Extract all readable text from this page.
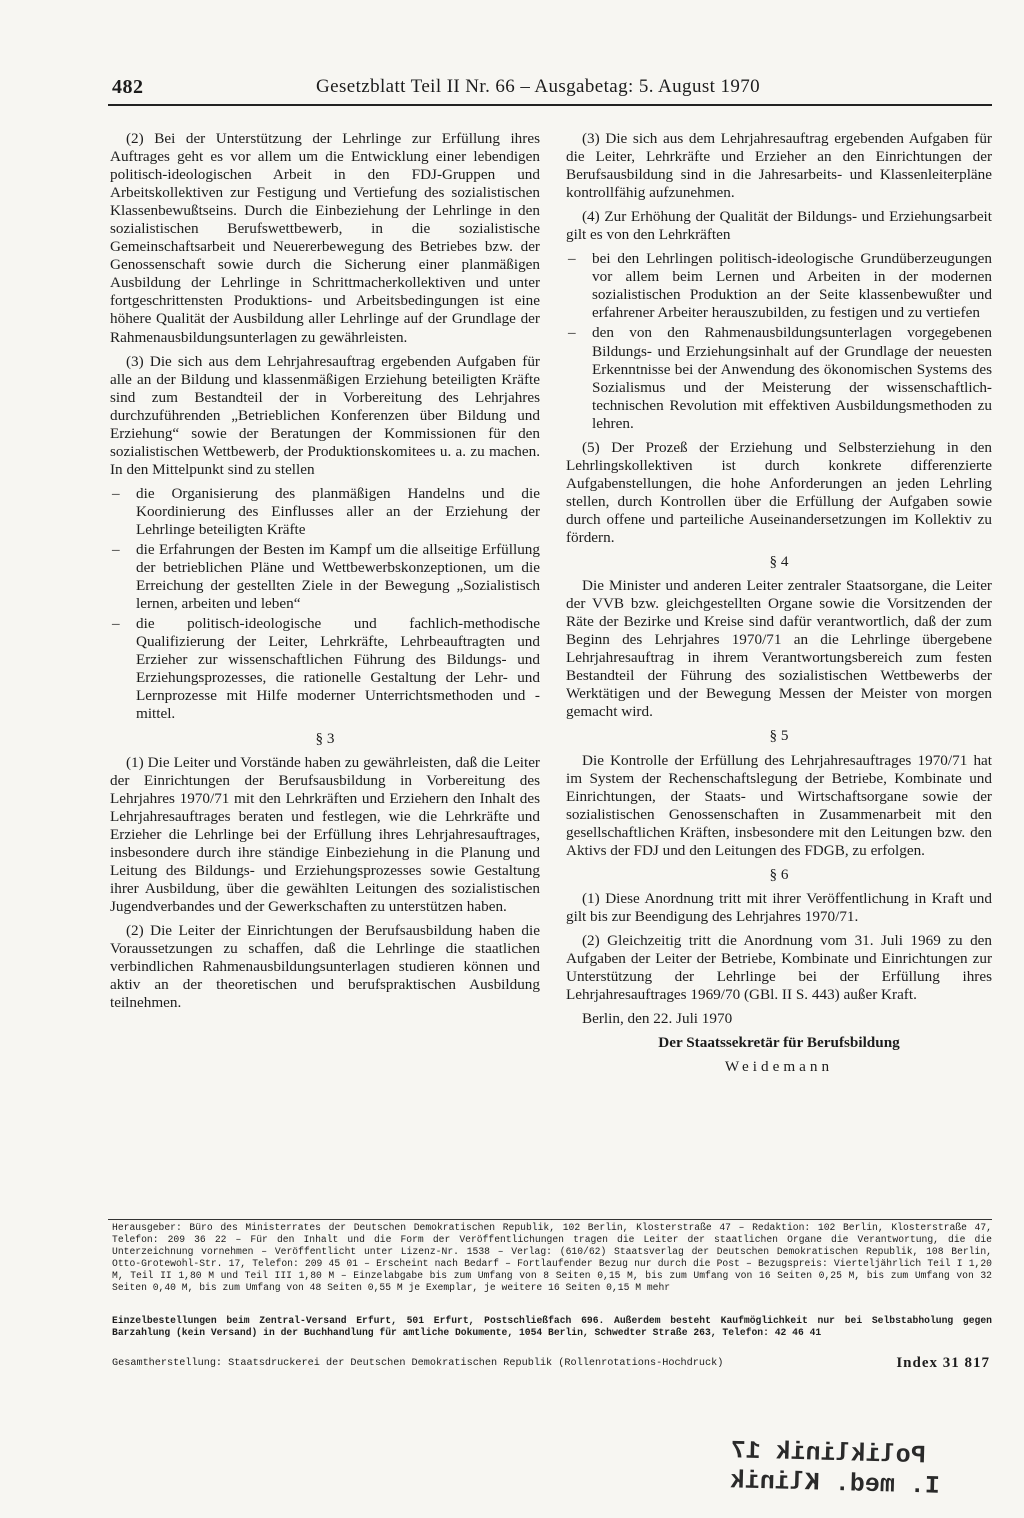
482	Gesetzblatt Teil II Nr. 66 – Ausgabetag: 5. August 1970

(2) Bei der Unterstützung der Lehrlinge zur Erfüllung ihres Auftrages geht es vor allem um die Entwicklung einer lebendigen politisch-ideologischen Arbeit in den FDJ-Gruppen und Arbeitskollektiven zur Festigung und Vertiefung des sozialistischen Klassenbewußtseins. Durch die Einbeziehung der Lehrlinge in den sozialistischen Berufswettbewerb, in die sozialistische Gemeinschaftsarbeit und Neuererbewegung des Betriebes bzw. der Genossenschaft sowie durch die Sicherung einer planmäßigen Ausbildung der Lehrlinge in Schrittmacherkollektiven und unter fortgeschrittensten Produktions- und Arbeitsbedingungen ist eine höhere Qualität der Ausbildung aller Lehrlinge auf der Grundlage der Rahmenausbildungsunterlagen zu gewährleisten.

(3) Die sich aus dem Lehrjahresauftrag ergebenden Aufgaben für alle an der Bildung und klassenmäßigen Erziehung beteiligten Kräfte sind zum Bestandteil der in Vorbereitung des Lehrjahres durchzuführenden „Betrieblichen Konferenzen über Bildung und Erziehung“ sowie der Beratungen der Kommissionen für den sozialistischen Wettbewerb, der Produktionskomitees u. a. zu machen. In den Mittelpunkt sind zu stellen

– die Organisierung des planmäßigen Handelns und die Koordinierung des Einflusses aller an der Erziehung der Lehrlinge beteiligten Kräfte
– die Erfahrungen der Besten im Kampf um die allseitige Erfüllung der betrieblichen Pläne und Wettbewerbskonzeptionen, um die Erreichung der gestellten Ziele in der Bewegung „Sozialistisch lernen, arbeiten und leben“
– die politisch-ideologische und fachlich-methodische Qualifizierung der Leiter, Lehrkräfte, Lehrbeauftragten und Erzieher zur wissenschaftlichen Führung des Bildungs- und Erziehungsprozesses, die rationelle Gestaltung der Lehr- und Lernprozesse mit Hilfe moderner Unterrichtsmethoden und -mittel.

§ 3

(1) Die Leiter und Vorstände haben zu gewährleisten, daß die Leiter der Einrichtungen der Berufsausbildung in Vorbereitung des Lehrjahres 1970/71 mit den Lehrkräften und Erziehern den Inhalt des Lehrjahresauftrages beraten und festlegen, wie die Lehrkräfte und Erzieher die Lehrlinge bei der Erfüllung ihres Lehrjahresauftrages, insbesondere durch ihre ständige Einbeziehung in die Planung und Leitung des Bildungs- und Erziehungsprozesses sowie Gestaltung ihrer Ausbildung, über die gewählten Leitungen des sozialistischen Jugendverbandes und der Gewerkschaften zu unterstützen haben.

(2) Die Leiter der Einrichtungen der Berufsausbildung haben die Voraussetzungen zu schaffen, daß die Lehrlinge die staatlichen verbindlichen Rahmenausbildungsunterlagen studieren können und aktiv an der theoretischen und berufspraktischen Ausbildung teilnehmen.

(3) Die sich aus dem Lehrjahresauftrag ergebenden Aufgaben für die Leiter, Lehrkräfte und Erzieher an den Einrichtungen der Berufsausbildung sind in die Jahresarbeits- und Klassenleiterpläne kontrollfähig aufzunehmen.

(4) Zur Erhöhung der Qualität der Bildungs- und Erziehungsarbeit gilt es von den Lehrkräften

– bei den Lehrlingen politisch-ideologische Grundüberzeugungen vor allem beim Lernen und Arbeiten in der modernen sozialistischen Produktion an der Seite klassenbewußter und erfahrener Arbeiter herauszubilden, zu festigen und zu vertiefen
– den von den Rahmenausbildungsunterlagen vorgegebenen Bildungs- und Erziehungsinhalt auf der Grundlage der neuesten Erkenntnisse bei der Anwendung des ökonomischen Systems des Sozialismus und der Meisterung der wissenschaftlich-technischen Revolution mit effektiven Ausbildungsmethoden zu lehren.

(5) Der Prozeß der Erziehung und Selbsterziehung in den Lehrlingskollektiven ist durch konkrete differenzierte Aufgabenstellungen, die hohe Anforderungen an jeden Lehrling stellen, durch Kontrollen über die Erfüllung der Aufgaben sowie durch offene und parteiliche Auseinandersetzungen im Kollektiv zu fördern.

§ 4

Die Minister und anderen Leiter zentraler Staatsorgane, die Leiter der VVB bzw. gleichgestellten Organe sowie die Vorsitzenden der Räte der Bezirke und Kreise sind dafür verantwortlich, daß der zum Beginn des Lehrjahres 1970/71 an die Lehrlinge übergebene Lehrjahresauftrag in ihrem Verantwortungsbereich zum festen Bestandteil der Führung des sozialistischen Wettbewerbs der Werktätigen und der Bewegung Messen der Meister von morgen gemacht wird.

§ 5

Die Kontrolle der Erfüllung des Lehrjahresauftrages 1970/71 hat im System der Rechenschaftslegung der Betriebe, Kombinate und Einrichtungen, der Staats- und Wirtschaftsorgane sowie der sozialistischen Genossenschaften in Zusammenarbeit mit den gesellschaftlichen Kräften, insbesondere mit den Leitungen bzw. den Aktivs der FDJ und den Leitungen des FDGB, zu erfolgen.

§ 6

(1) Diese Anordnung tritt mit ihrer Veröffentlichung in Kraft und gilt bis zur Beendigung des Lehrjahres 1970/71.

(2) Gleichzeitig tritt die Anordnung vom 31. Juli 1969 zu den Aufgaben der Leiter der Betriebe, Kombinate und Einrichtungen zur Unterstützung der Lehrlinge bei der Erfüllung ihres Lehrjahresauftrages 1969/70 (GBl. II S. 443) außer Kraft.

Berlin, den 22. Juli 1970

Der Staatssekretär für Berufsbildung

Weidemann

Herausgeber: Büro des Ministerrates der Deutschen Demokratischen Republik, 102 Berlin, Klosterstraße 47 – Redaktion: 102 Berlin, Klosterstraße 47, Telefon: 209 36 22 – Für den Inhalt und die Form der Veröffentlichungen tragen die Leiter der staatlichen Organe die Verantwortung, die die Unterzeichnung vornehmen – Veröffentlicht unter Lizenz-Nr. 1538 – Verlag: (610/62) Staatsverlag der Deutschen Demokratischen Republik, 108 Berlin, Otto-Grotewohl-Str. 17, Telefon: 209 45 01 – Erscheint nach Bedarf – Fortlaufender Bezug nur durch die Post – Bezugspreis: Vierteljährlich Teil I 1,20 M, Teil II 1,80 M und Teil III 1,80 M – Einzelabgabe bis zum Umfang von 8 Seiten 0,15 M, bis zum Umfang von 16 Seiten 0,25 M, bis zum Umfang von 32 Seiten 0,40 M, bis zum Umfang von 48 Seiten 0,55 M je Exemplar, je weitere 16 Seiten 0,15 M mehr
Einzelbestellungen beim Zentral-Versand Erfurt, 501 Erfurt, Postschließfach 696. Außerdem besteht Kaufmöglichkeit nur bei Selbstabholung gegen Barzahlung (kein Versand) in der Buchhandlung für amtliche Dokumente, 1054 Berlin, Schwedter Straße 263, Telefon: 42 46 41
Gesamtherstellung: Staatsdruckerei der Deutschen Demokratischen Republik (Rollenrotations-Hochdruck)	Index 31 817
Poliklinik 17
I. med. Klinik
